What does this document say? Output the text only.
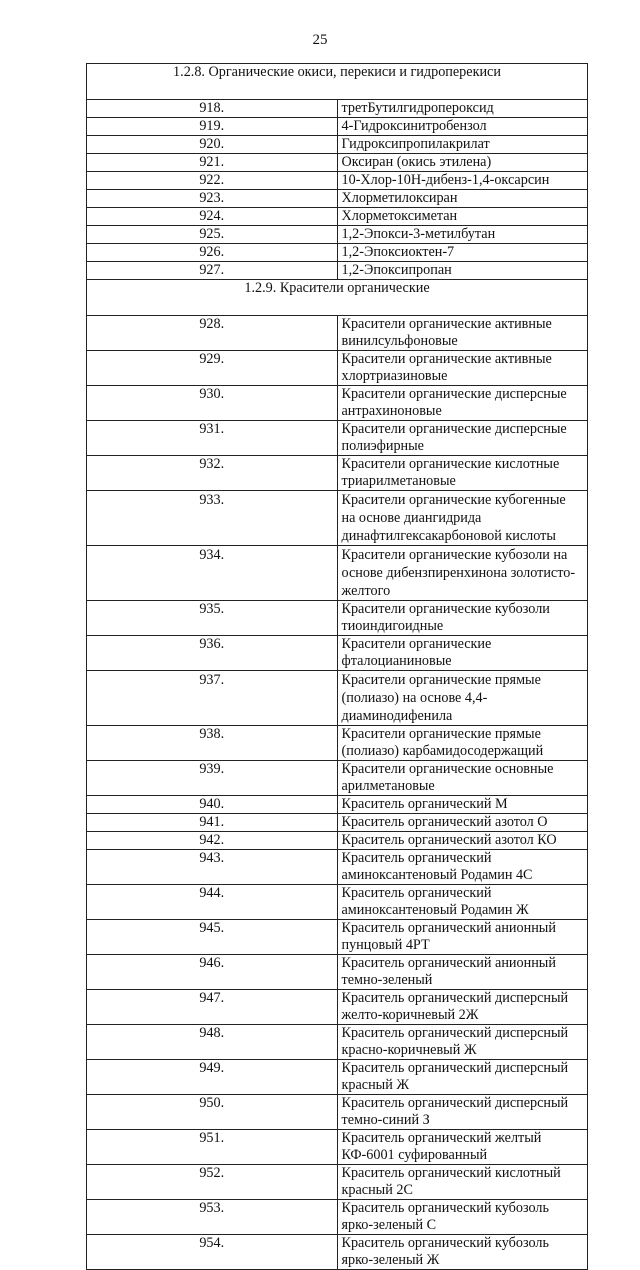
25
1.2.8. Органические окиси, перекиси и гидроперекиси	
918.	третБутилгидропероксид
919.	4-Гидроксинитробензол
920.	Гидроксипропилакрилат
921.	Оксиран (окись этилена)
922.	10-Хлор-10Н-дибенз-1,4-оксарсин
923.	Хлорметилоксиран
924.	Хлорметоксиметан
925.	1,2-Эпокси-3-метилбутан
926.	1,2-Эпоксиоктен-7
927.	1,2-Эпоксипропан
1.2.9. Красители органические	
928.	Красители органические активные винилсульфоновые
929.	Красители органические активные хлортриазиновые
930.	Красители органические дисперсные антрахиноновые
931.	Красители органические дисперсные полиэфирные
932.	Красители органические кислотные триарилметановые
933.	Красители органические кубогенные на основе диангидрида динафтилгексакарбоновой кислоты
934.	Красители органические кубозоли на основе дибензпиренхинона золотисто-желтого
935.	Красители органические кубозоли тиоиндигоидные
936.	Красители органические фталоцианиновые
937.	Красители органические прямые (полиазо) на основе 4,4-диаминодифенила
938.	Красители органические прямые (полиазо) карбамидосодержащий
939.	Красители органические основные арилметановые
940.	Краситель органический М
941.	Краситель органический азотол О
942.	Краситель органический азотол КО
943.	Краситель органический аминоксантеновый Родамин 4С
944.	Краситель органический аминоксантеновый Родамин Ж
945.	Краситель органический анионный пунцовый 4РТ
946.	Краситель органический анионный темно-зеленый
947.	Краситель органический дисперсный желто-коричневый 2Ж
948.	Краситель органический дисперсный красно-коричневый Ж
949.	Краситель органический дисперсный красный Ж
950.	Краситель органический дисперсный темно-синий З
951.	Краситель органический желтый КФ-6001 суфированный
952.	Краситель органический кислотный красный 2С
953.	Краситель органический кубозоль ярко-зеленый С
954.	Краситель органический кубозоль ярко-зеленый Ж
